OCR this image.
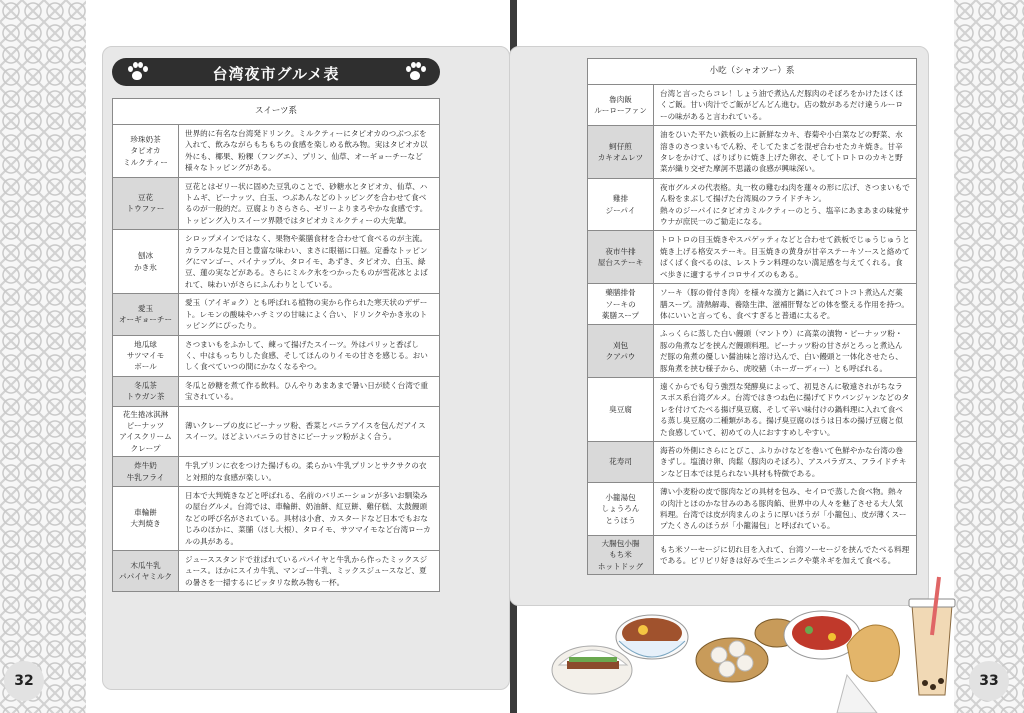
台湾夜市グルメ表
スイーツ系	
珍珠奶茶
タピオカ
ミルクティー	世界的に有名な台湾発ドリンク。ミルクティーにタピオカのつぶつぶを入れて、飲みながらもちもちの食感を楽しめる飲み物。実はタピオカ以外にも、椰果、粉粿（フングエ）、プリン、仙草、オーギョーチーなど様々なトッピングがある。
豆花
トウファー	豆花とはゼリー状に固めた豆乳のことで、砂糖水とタピオカ、仙草、ハトムギ、ピーナッツ、白玉、つぶあんなどのトッピングを合わせて食べるのが一般的だ。豆腐よりさらさら、ゼリーよりまろやかな食感です。トッピング入りスイーツ界隈ではタピオカミルクティーの大先輩。
刨冰
かき氷	シロップメインではなく、果物や薬膳食材を合わせて食べるのが主流。カラフルな見た目と豊富な味わい、まさに眼福に口福。定番なトッピングにマンゴー、パイナップル、タロイモ、あずき、タピオカ、白玉、緑豆、蓮の実などがある。さらにミルク氷をつかったものが雪花冰とよばれて、味わいがさらにふんわりとしている。
愛玉
オーギョーチー	愛玉（アイギョク）とも呼ばれる植物の実から作られた寒天状のデザート。レモンの酸味やハチミツの甘味によく合い、ドリンクやかき氷のトッピングにぴったり。
地瓜球
サツマイモ
ボール	さつまいもをふかして、練って揚げたスイーツ。外はパリッと香ばしく、中はもっちりした食感、そしてほんのりイモの甘さを感じる。おいしく食べていつの間にかなくなるやつ。
冬瓜茶
トウガン茶	冬瓜と砂糖を煮て作る飲料。ひんやりあまあまで暑い日が続く台湾で重宝されている。
花生捲冰淇淋
ピーナッツ
アイスクリーム
クレープ	薄いクレープの皮にピーナッツ粉、香菜とバニラアイスを包んだアイススイーツ。ほどよいバニラの甘さにピーナッツ粉がよく合う。
炸牛奶
牛乳フライ	牛乳プリンに衣をつけた揚げもの。柔らかい牛乳プリンとサクサクの衣と対照的な食感が楽しい。
車輪餅
大判焼き	日本で大判焼きなどと呼ばれる、名前のバリエーションが多いお馴染みの屋台グルメ。台湾では、車輪餅、奶油餅、紅豆餅、雞仔糕、太鼓饅頭などの呼び名がされている。具材は小倉、カスタードなど日本でもおなじみのほかに、菜脯（ほし大根）、タロイモ、サツマイモなど台湾ローカルの具がある。
木瓜牛乳
パパイヤミルク	ジューススタンドで並ばれているパパイヤと牛乳から作ったミックスジュース。ほかにスイカ牛乳、マンゴー牛乳、ミックスジュースなど、夏の暑さを一掃するにピッタリな飲み物も一杯。
32
小吃（シャオツー）系	
魯肉飯
ルーローファン	台湾と言ったらコレ！しょう油で煮込んだ豚肉のそぼろをかけたほくほくご飯。甘い肉汁でご飯がどんどん進む。店の数があるだけ違うルーローの味があると言われている。
蚵仔煎
カキオムレツ	油をひいた平たい鉄板の上に新鮮なカキ、春菊や小白菜などの野菜、水溶きのさつまいもでん粉、そしてたまごを混ぜ合わせたカキ焼き。甘辛タレをかけて、ぱりぱりに焼き上げた卵衣、そしてトロトロのカキと野菜が織り交ぜた摩訶不思議の食感が興味深い。
雞排
ジーパイ	夜市グルメの代表格。丸一枚の雞むね肉を蓮々の形に広げ、さつまいもでん粉をまぶして揚げた台湾風のフライドチキン。
熱々のジーパイにタピオカミルクティーのとう、塩辛にあまあまの味覚サウナが庶民一のご勧走になる。
夜市牛排
屋台ステーキ	トロトロの目玉焼きやスパゲッティなどと合わせて鉄板でじゅうじゅうと焼き上げる格安ステーキ。目玉焼きの黄身が甘辛ステーキソースと絡めてぱくぱく食べるのは、レストラン料理のない満足感を与えてくれる。食べ歩きに適するサイコロサイズのもある。
藥膳排骨
ソーキの
薬膳スープ	ソーキ（豚の骨付き肉）を様々な漢方と鍋に入れてコトコト煮込んだ薬膳スープ。清熱解毒、養陰生津、滋補肝腎などの体を整える作用を持つ。体にいいと言っても、食べすぎると普通に太るぞ。
刈包
クアパウ	ふっくらに蒸した白い饅頭（マントウ）に高菜の漬物・ピーナッツ粉・豚の角煮などを挟んだ饅頭料理。ピーナッツ粉の甘さがとろっと煮込んだ豚の角煮の優しい醤油味と溶け込んで、白い饅頭と一体化させたら、豚角煮を挟む様子から、虎咬豬（ホーガーディー）とも呼ばれる。
臭豆腐	遠くからでも匂う強烈な発酵臭によって、初見さんに敬遠されがちなラスボス系台湾グルメ。台湾ではきつね色に揚げてドウバンジャンなどのタレを付けてたべる揚げ臭豆腐、そして辛い味付けの鍋料理に入れて食べる蒸し臭豆腐の二種類がある。揚げ臭豆腐のほうは日本の揚げ豆腐と似た食感していて、初めての人におすすめしやすい。
花寿司	海苔の外側にさらにとびこ、ふりかけなどを巻いて色鮮やかな台湾の巻きずし。塩漬け卵、肉鬆（豚肉のそぼろ）、アスパラガス、フライドチキンなど日本では見られない具材も特徴である。
小籠湯包
しょうろん
とうほう	薄い小麦粉の皮で豚肉などの具材を包み、セイロで蒸した食べ物。熱々の肉汁とほのかな甘みのある豚肉餡、世界中の人々を魅了させる大人気料理。台湾では皮が肉まんのように厚いほうが「小籠包」、皮が薄くスープたくさんのほうが「小籠湯包」と呼ばれている。
大腸包小腸
もち米
ホットドッグ	もち米ソーセージに切れ目を入れて、台湾ソーセージを挟んでたべる料理である。ピリピリ好きは好みで生ニンニクや葉ネギを加えて食べる。
33
